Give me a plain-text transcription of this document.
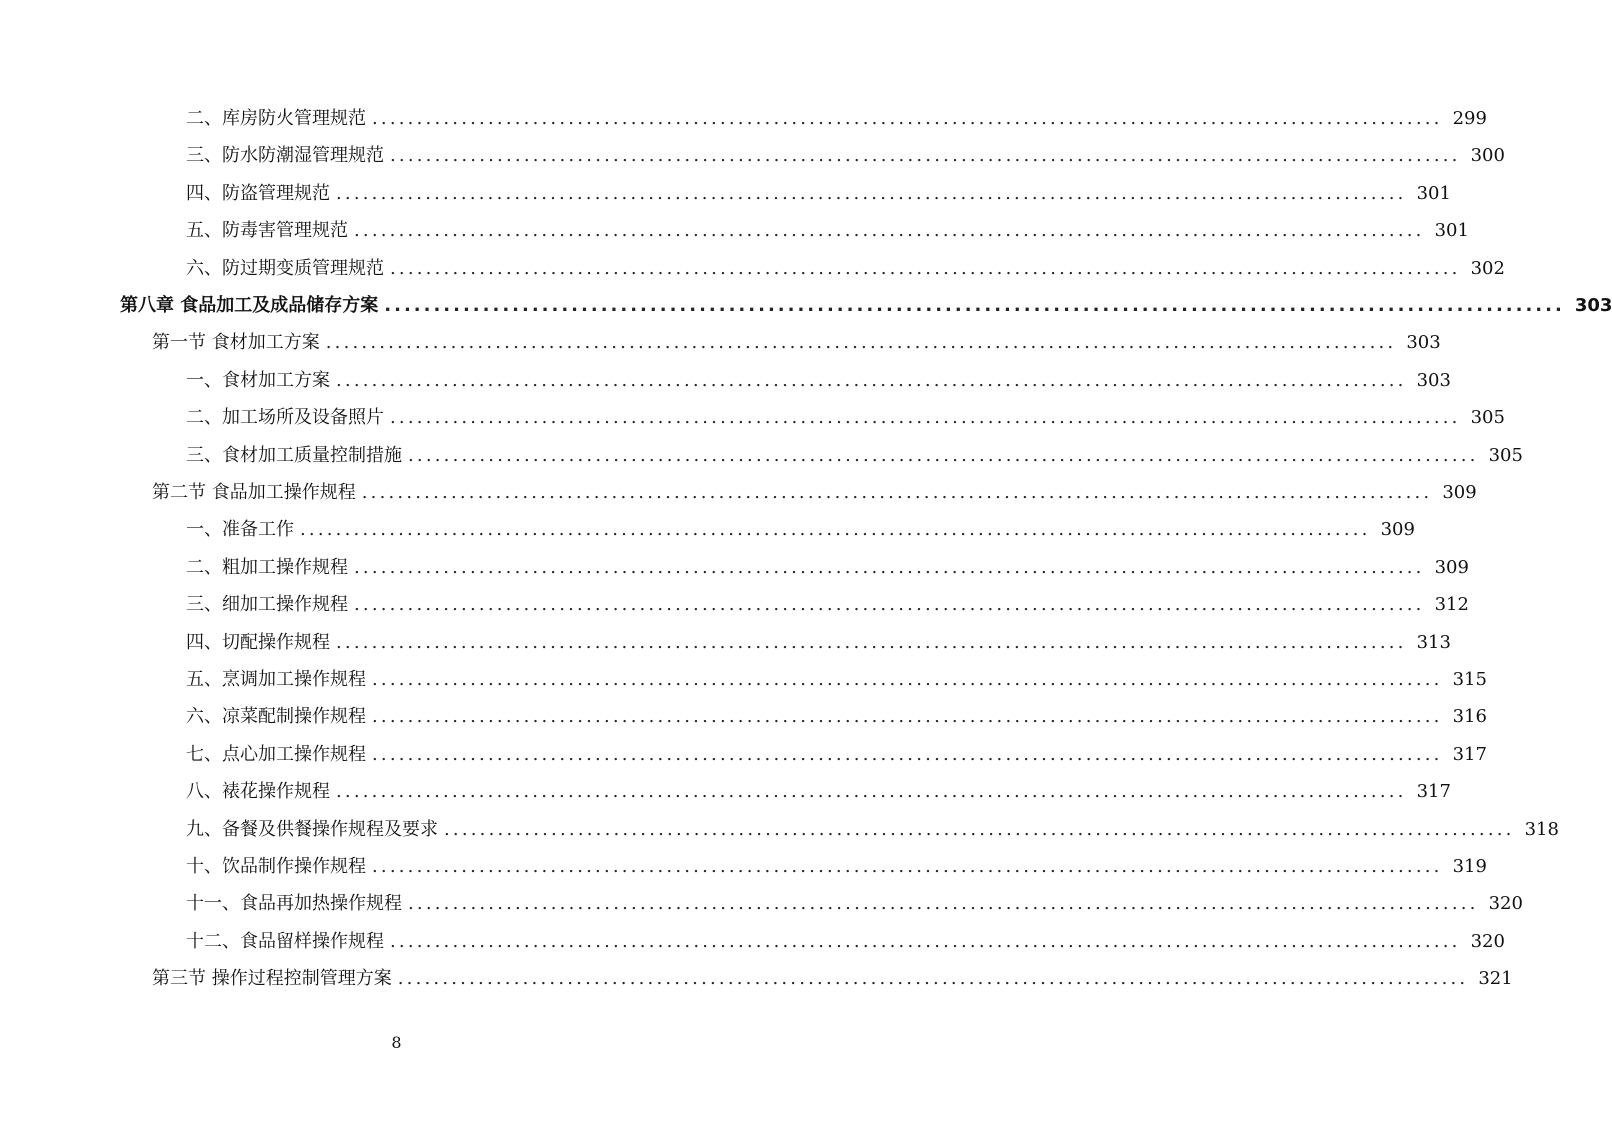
二、库房防火管理规范 ........................................................................................................................ 299
三、防水防潮湿管理规范 ........................................................................................................................ 300
四、防盗管理规范 ........................................................................................................................ 301
五、防毒害管理规范 ........................................................................................................................ 301
六、防过期变质管理规范 ........................................................................................................................ 302
第八章 食品加工及成品储存方案 ........................................................................................................................ 303
第一节 食材加工方案 ........................................................................................................................ 303
一、食材加工方案 ........................................................................................................................ 303
二、加工场所及设备照片 ........................................................................................................................ 305
三、食材加工质量控制措施 ........................................................................................................................ 305
第二节 食品加工操作规程 ........................................................................................................................ 309
一、准备工作 ........................................................................................................................ 309
二、粗加工操作规程 ........................................................................................................................ 309
三、细加工操作规程 ........................................................................................................................ 312
四、切配操作规程 ........................................................................................................................ 313
五、烹调加工操作规程 ........................................................................................................................ 315
六、凉菜配制操作规程 ........................................................................................................................ 316
七、点心加工操作规程 ........................................................................................................................ 317
八、裱花操作规程 ........................................................................................................................ 317
九、备餐及供餐操作规程及要求 ........................................................................................................................ 318
十、饮品制作操作规程 ........................................................................................................................ 319
十一、食品再加热操作规程 ........................................................................................................................ 320
十二、食品留样操作规程 ........................................................................................................................ 320
第三节 操作过程控制管理方案 ........................................................................................................................ 321
8
